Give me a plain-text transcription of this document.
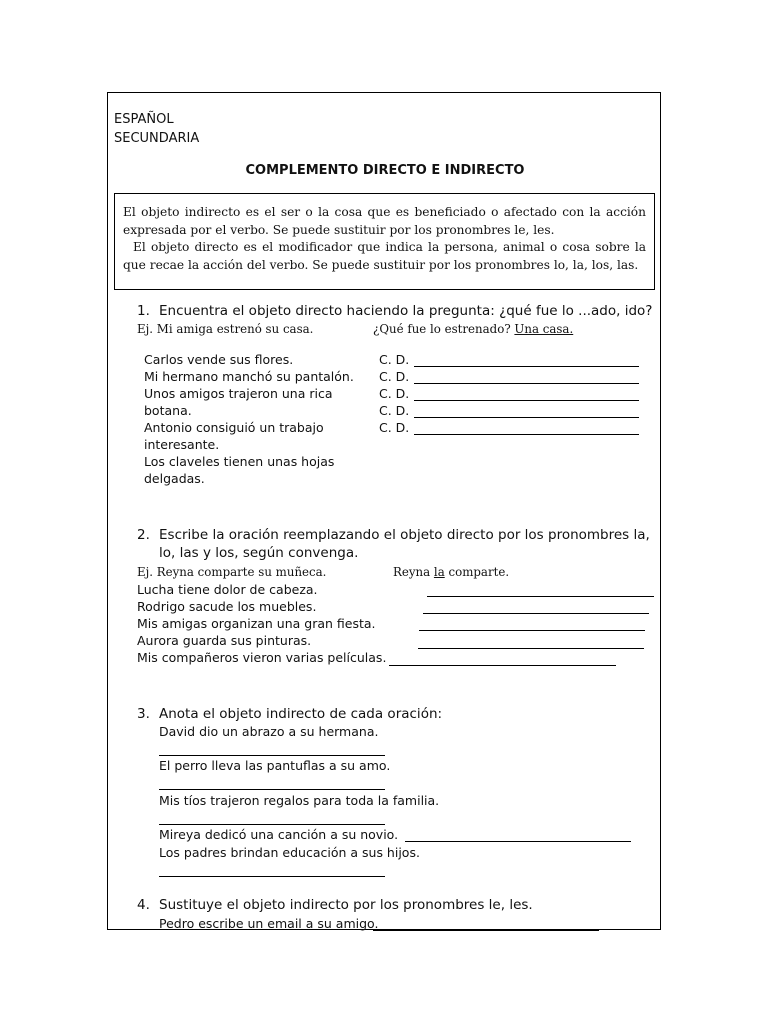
ESPAÑOL
SECUNDARIA
COMPLEMENTO DIRECTO E INDIRECTO

El objeto indirecto es el ser o la cosa que es beneficiado o afectado con la acción expresada por el verbo. Se puede sustituir por los pronombres le, les.

El objeto directo es el modificador que indica la persona, animal o cosa sobre la que recae la acción del verbo. Se puede sustituir por los pronombres lo, la, los, las.

1. Encuentra el objeto directo haciendo la pregunta: ¿qué fue lo ...ado, ido?
Ej. Mi amiga estrenó su casa.	¿Qué fue lo estrenado? Una casa.
Carlos vende sus flores.
Mi hermano manchó su pantalón.
Unos amigos trajeron una rica
botana.
Antonio consiguió un trabajo
interesante.
Los claveles tienen unas hojas
delgadas.
C. D.
C. D.
C. D.
C. D.
C. D.
2. Escribe la oración reemplazando el objeto directo por los pronombres la,
lo, las y los, según convenga.
Ej. Reyna comparte su muñeca.	Reyna la comparte.
Lucha tiene dolor de cabeza.
Rodrigo sacude los muebles.
Mis amigas organizan una gran fiesta.
Aurora guarda sus pinturas.
Mis compañeros vieron varias películas.
3. Anota el objeto indirecto de cada oración:
David dio un abrazo a su hermana.
El perro lleva las pantuflas a su amo.
Mis tíos trajeron regalos para toda la familia.
Mireya dedicó una canción a su novio.
Los padres brindan educación a sus hijos.
4. Sustituye el objeto indirecto por los pronombres le, les.
Pedro escribe un email a su amigo.
